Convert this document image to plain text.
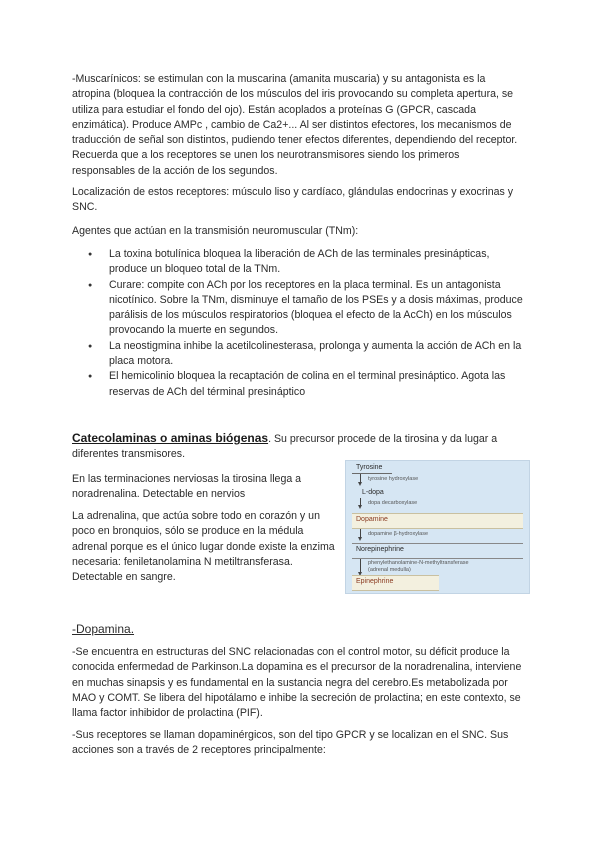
-Muscarínicos: se estimulan con la muscarina (amanita muscaria) y su antagonista es la atropina (bloquea la contracción de los músculos del iris provocando su completa apertura, se utiliza para estudiar el fondo del ojo). Están acoplados a proteínas G (GPCR, cascada enzimática). Produce AMPc , cambio de Ca2+... Al ser distintos efectores, los mecanismos de traducción de señal son distintos, pudiendo tener efectos diferentes, dependiendo del receptor. Recuerda que a los receptores se unen los neurotransmisores siendo los primeros responsables de la acción de los segundos.

Localización de estos receptores: músculo liso y cardíaco, glándulas endocrinas y exocrinas y SNC.

Agentes que actúan en la transmisión neuromuscular (TNm):

● La toxina botulínica bloquea la liberación de ACh de las terminales presinápticas, produce un bloqueo total de la TNm.
● Curare: compite con ACh por los receptores en la placa terminal. Es un antagonista nicotínico. Sobre la TNm, disminuye el tamaño de los PSEs y a dosis máximas, produce parálisis de los músculos respiratorios (bloquea el efecto de la AcCh) en los músculos provocando la muerte en segundos.
● La neostigmina inhibe la acetilcolinesterasa, prolonga y aumenta la acción de ACh en la placa motora.
● El hemicolinio bloquea la recaptación de colina en el terminal presináptico. Agota las reservas de ACh del términal presináptico

Catecolaminas o aminas biógenas. Su precursor procede de la tirosina y da lugar a diferentes transmisores.

En las terminaciones nerviosas la tirosina llega a noradrenalina. Detectable en nervios

La adrenalina, que actúa sobre todo en corazón y un poco en bronquios, sólo se produce en la médula adrenal porque es el único lugar donde existe la enzima necesaria: feniletanolamina N metiltransferasa. Detectable en sangre.

Tyrosine
tyrosine hydroxylase
L-dopa
dopa decarboxylase
Dopamine
dopamine β-hydroxylase
Norepinephrine
phenylethanolamine-N-methyltransferase
(adrenal medulla)
Epinephrine

-Dopamina.

-Se encuentra en estructuras del SNC relacionadas con el control motor, su déficit produce la conocida enfermedad de Parkinson.La dopamina es el precursor de la noradrenalina, interviene en muchas sinapsis y es fundamental en la sustancia negra del cerebro.Es metabolizada por MAO y COMT. Se libera del hipotálamo e inhibe la secreción de prolactina; en este contexto, se llama factor inhibidor de prolactina (PIF).

-Sus receptores se llaman dopaminérgicos, son del tipo GPCR y se localizan en el SNC. Sus acciones son a través de 2 receptores principalmente:
